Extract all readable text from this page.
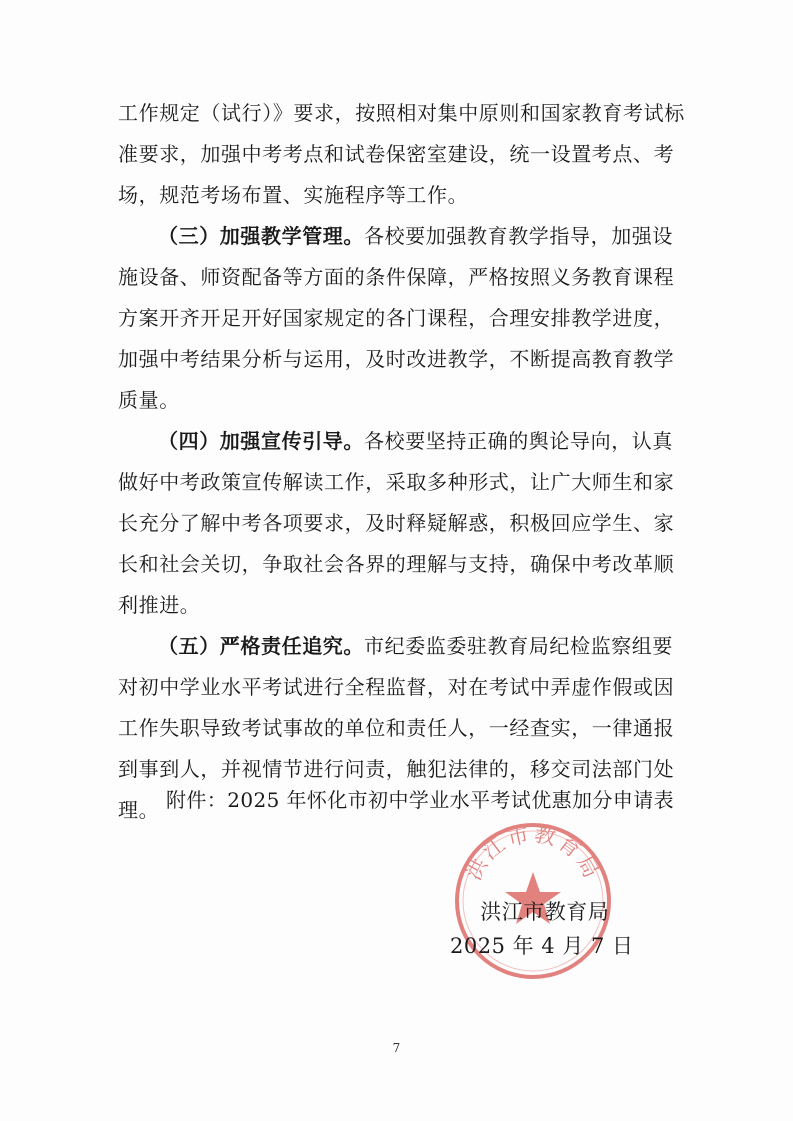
工作规定（试行）》要求，按照相对集中原则和国家教育考试标准要求，加强中考考点和试卷保密室建设，统一设置考点、考场，规范考场布置、实施程序等工作。

（三）加强教学管理。各校要加强教育教学指导，加强设施设备、师资配备等方面的条件保障，严格按照义务教育课程方案开齐开足开好国家规定的各门课程，合理安排教学进度，加强中考结果分析与运用，及时改进教学，不断提高教育教学质量。

（四）加强宣传引导。各校要坚持正确的舆论导向，认真做好中考政策宣传解读工作，采取多种形式，让广大师生和家长充分了解中考各项要求，及时释疑解惑，积极回应学生、家长和社会关切，争取社会各界的理解与支持，确保中考改革顺利推进。

（五）严格责任追究。市纪委监委驻教育局纪检监察组要对初中学业水平考试进行全程监督，对在考试中弄虚作假或因工作失职导致考试事故的单位和责任人，一经查实，一律通报到事到人，并视情节进行问责，触犯法律的，移交司法部门处理。 附件：2025 年怀化市初中学业水平考试优惠加分申请表
洪江市教育局
洪江市教育局
2025 年 4 月 7 日
7
